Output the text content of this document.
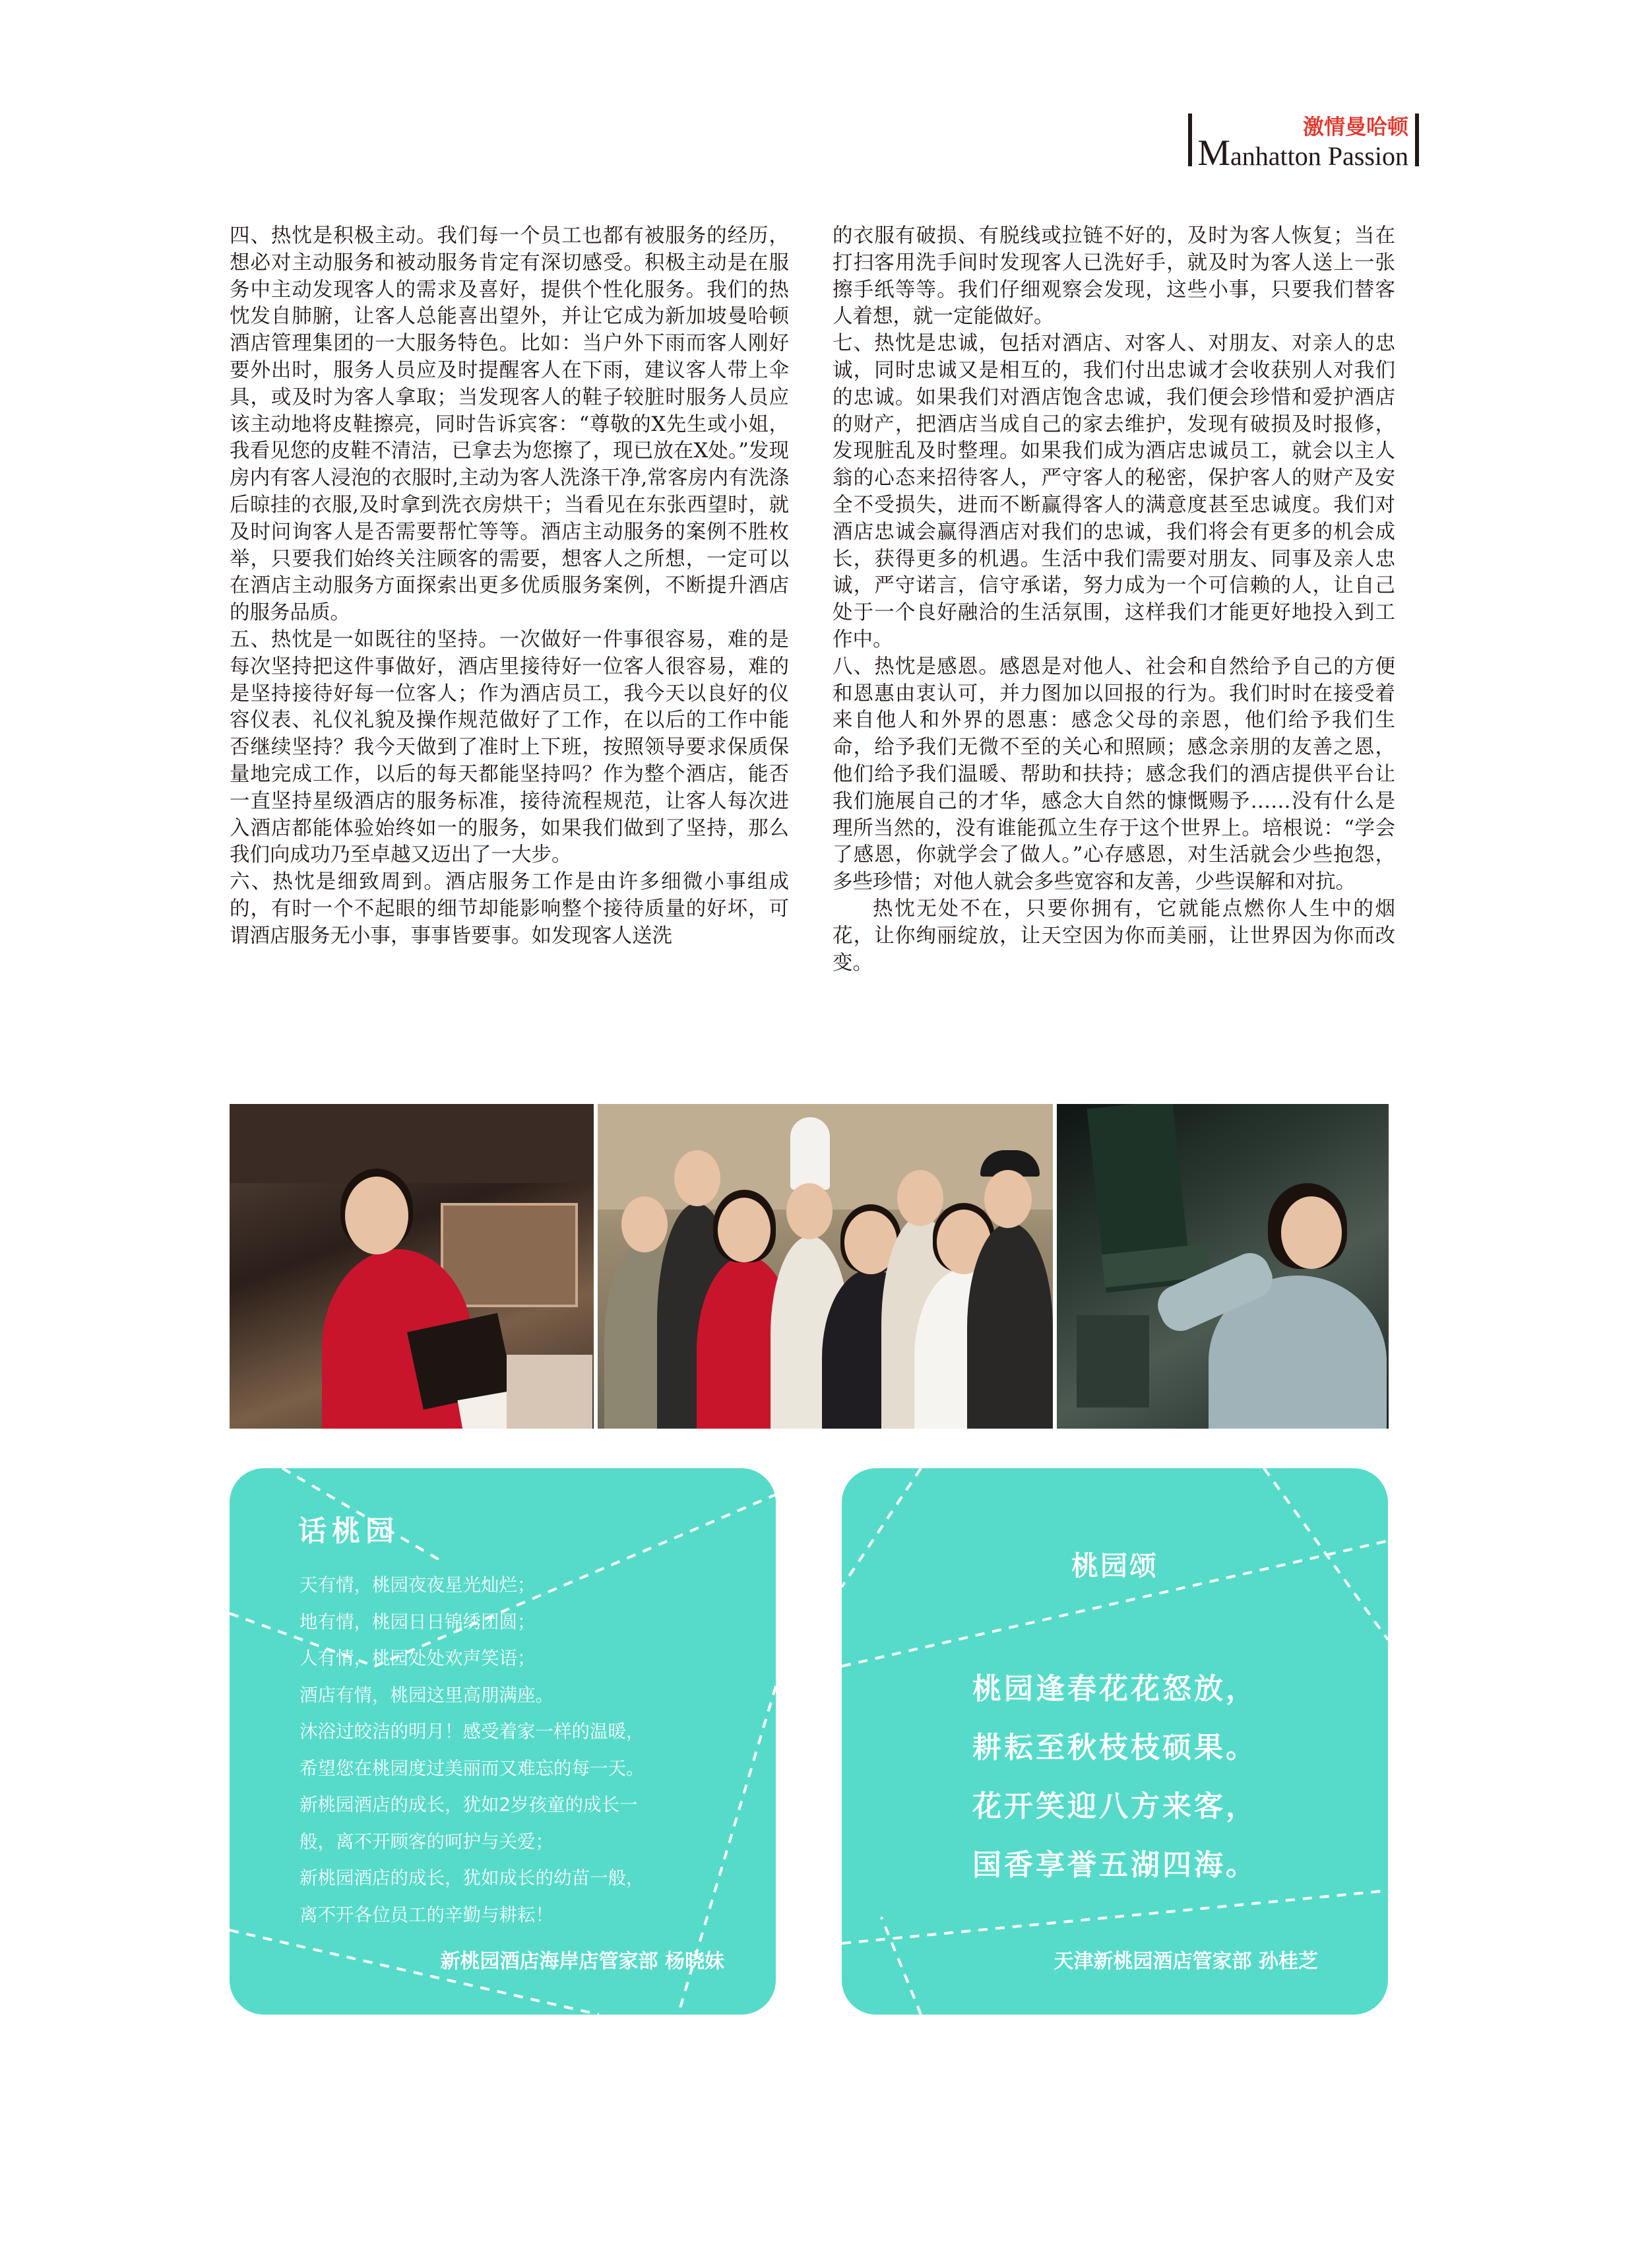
激情曼哈顿
Manhatton Passion

四、热忱是积极主动。我们每一个员工也都有被服务的经历，想必对主动服务和被动服务肯定有深切感受。积极主动是在服务中主动发现客人的需求及喜好，提供个性化服务。我们的热忱发自肺腑，让客人总能喜出望外，并让它成为新加坡曼哈顿酒店管理集团的一大服务特色。比如：当户外下雨而客人刚好要外出时，服务人员应及时提醒客人在下雨，建议客人带上伞具，或及时为客人拿取；当发现客人的鞋子较脏时服务人员应该主动地将皮鞋擦亮，同时告诉宾客：“尊敬的X先生或小姐，我看见您的皮鞋不清洁，已拿去为您擦了，现已放在X处。”发现房内有客人浸泡的衣服时,主动为客人洗涤干净,常客房内有洗涤后晾挂的衣服,及时拿到洗衣房烘干；当看见在东张西望时，就及时问询客人是否需要帮忙等等。酒店主动服务的案例不胜枚举，只要我们始终关注顾客的需要，想客人之所想，一定可以在酒店主动服务方面探索出更多优质服务案例，不断提升酒店的服务品质。

五、热忱是一如既往的坚持。一次做好一件事很容易，难的是每次坚持把这件事做好，酒店里接待好一位客人很容易，难的是坚持接待好每一位客人；作为酒店员工，我今天以良好的仪容仪表、礼仪礼貌及操作规范做好了工作，在以后的工作中能否继续坚持？我今天做到了准时上下班，按照领导要求保质保量地完成工作，以后的每天都能坚持吗？作为整个酒店，能否一直坚持星级酒店的服务标准，接待流程规范，让客人每次进入酒店都能体验始终如一的服务，如果我们做到了坚持，那么我们向成功乃至卓越又迈出了一大步。

六、热忱是细致周到。酒店服务工作是由许多细微小事组成的，有时一个不起眼的细节却能影响整个接待质量的好坏，可谓酒店服务无小事，事事皆要事。如发现客人送洗

的衣服有破损、有脱线或拉链不好的，及时为客人恢复；当在打扫客用洗手间时发现客人已洗好手，就及时为客人送上一张擦手纸等等。我们仔细观察会发现，这些小事，只要我们替客人着想，就一定能做好。

七、热忱是忠诚，包括对酒店、对客人、对朋友、对亲人的忠诚，同时忠诚又是相互的，我们付出忠诚才会收获别人对我们的忠诚。如果我们对酒店饱含忠诚，我们便会珍惜和爱护酒店的财产，把酒店当成自己的家去维护，发现有破损及时报修，发现脏乱及时整理。如果我们成为酒店忠诚员工，就会以主人翁的心态来招待客人，严守客人的秘密，保护客人的财产及安全不受损失，进而不断赢得客人的满意度甚至忠诚度。我们对酒店忠诚会赢得酒店对我们的忠诚，我们将会有更多的机会成长，获得更多的机遇。生活中我们需要对朋友、同事及亲人忠诚，严守诺言，信守承诺，努力成为一个可信赖的人，让自己处于一个良好融洽的生活氛围，这样我们才能更好地投入到工作中。

八、热忱是感恩。感恩是对他人、社会和自然给予自己的方便和恩惠由衷认可，并力图加以回报的行为。我们时时在接受着来自他人和外界的恩惠：感念父母的亲恩，他们给予我们生命，给予我们无微不至的关心和照顾；感念亲朋的友善之恩，他们给予我们温暖、帮助和扶持；感念我们的酒店提供平台让我们施展自己的才华，感念大自然的慷慨赐予……没有什么是理所当然的，没有谁能孤立生存于这个世界上。培根说：“学会了感恩，你就学会了做人。”心存感恩，对生活就会少些抱怨，多些珍惜；对他人就会多些宽容和友善，少些误解和对抗。

热忱无处不在，只要你拥有，它就能点燃你人生中的烟花，让你绚丽绽放，让天空因为你而美丽，让世界因为你而改变。

话桃园
天有情，桃园夜夜星光灿烂；
地有情，桃园日日锦绣团圆；
人有情，桃园处处欢声笑语；
酒店有情，桃园这里高朋满座。
沐浴过皎洁的明月！感受着家一样的温暖，
希望您在桃园度过美丽而又难忘的每一天。
新桃园酒店的成长，犹如2岁孩童的成长一
般，离不开顾客的呵护与关爱；
新桃园酒店的成长，犹如成长的幼苗一般，
离不开各位员工的辛勤与耕耘！
新桃园酒店海岸店管家部 杨晓妹
桃园颂
桃园逢春花花怒放，
耕耘至秋枝枝硕果。
花开笑迎八方来客，
国香享誉五湖四海。
天津新桃园酒店管家部 孙桂芝
